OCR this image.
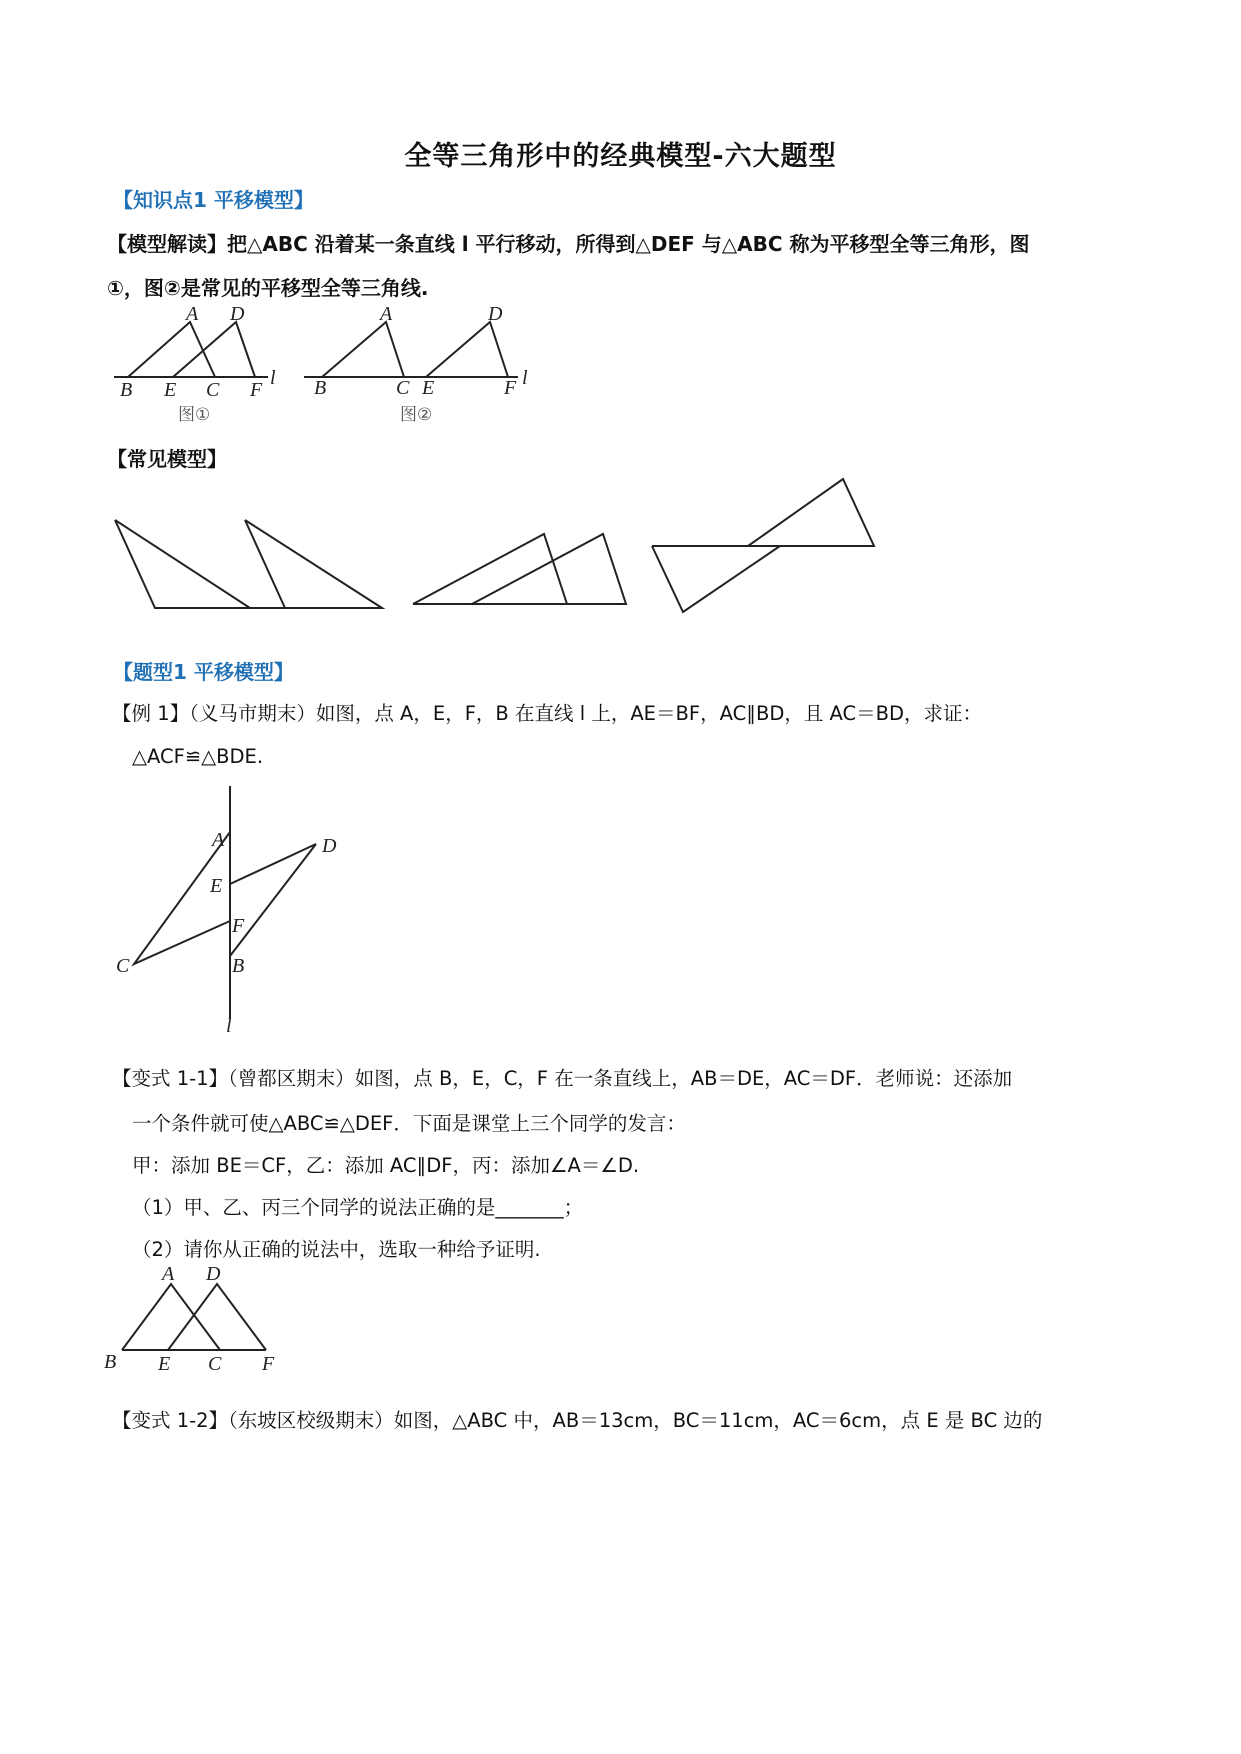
全等三角形中的经典模型-六大题型
【知识点1 平移模型】
【模型解读】把△ABC 沿着某一条直线 l 平行移动，所得到△DEF 与△ABC 称为平移型全等三角形，图
①，图②是常见的平移型全等三角线.
A D
B E C F
l
图①
A	D
B	C E	F l
图②
【常见模型】
【题型1 平移模型】
【例 1】（义马市期末）如图，点 A，E，F，B 在直线 l 上，AE＝BF，AC∥BD，且 AC＝BD，求证：
△ACF≌△BDE.
A	D
E
F
C	B
l
【变式 1-1】（曾都区期末）如图，点 B，E，C，F 在一条直线上，AB＝DE，AC＝DF．老师说：还添加
一个条件就可使△ABC≌△DEF．下面是课堂上三个同学的发言：
甲：添加 BE＝CF，乙：添加 AC∥DF，丙：添加∠A＝∠D.
（1）甲、乙、丙三个同学的说法正确的是_______；
（2）请你从正确的说法中，选取一种给予证明.
A D
B E C F
【变式 1-2】（东坡区校级期末）如图，△ABC 中，AB＝13cm，BC＝11cm，AC＝6cm，点 E 是 BC 边的
